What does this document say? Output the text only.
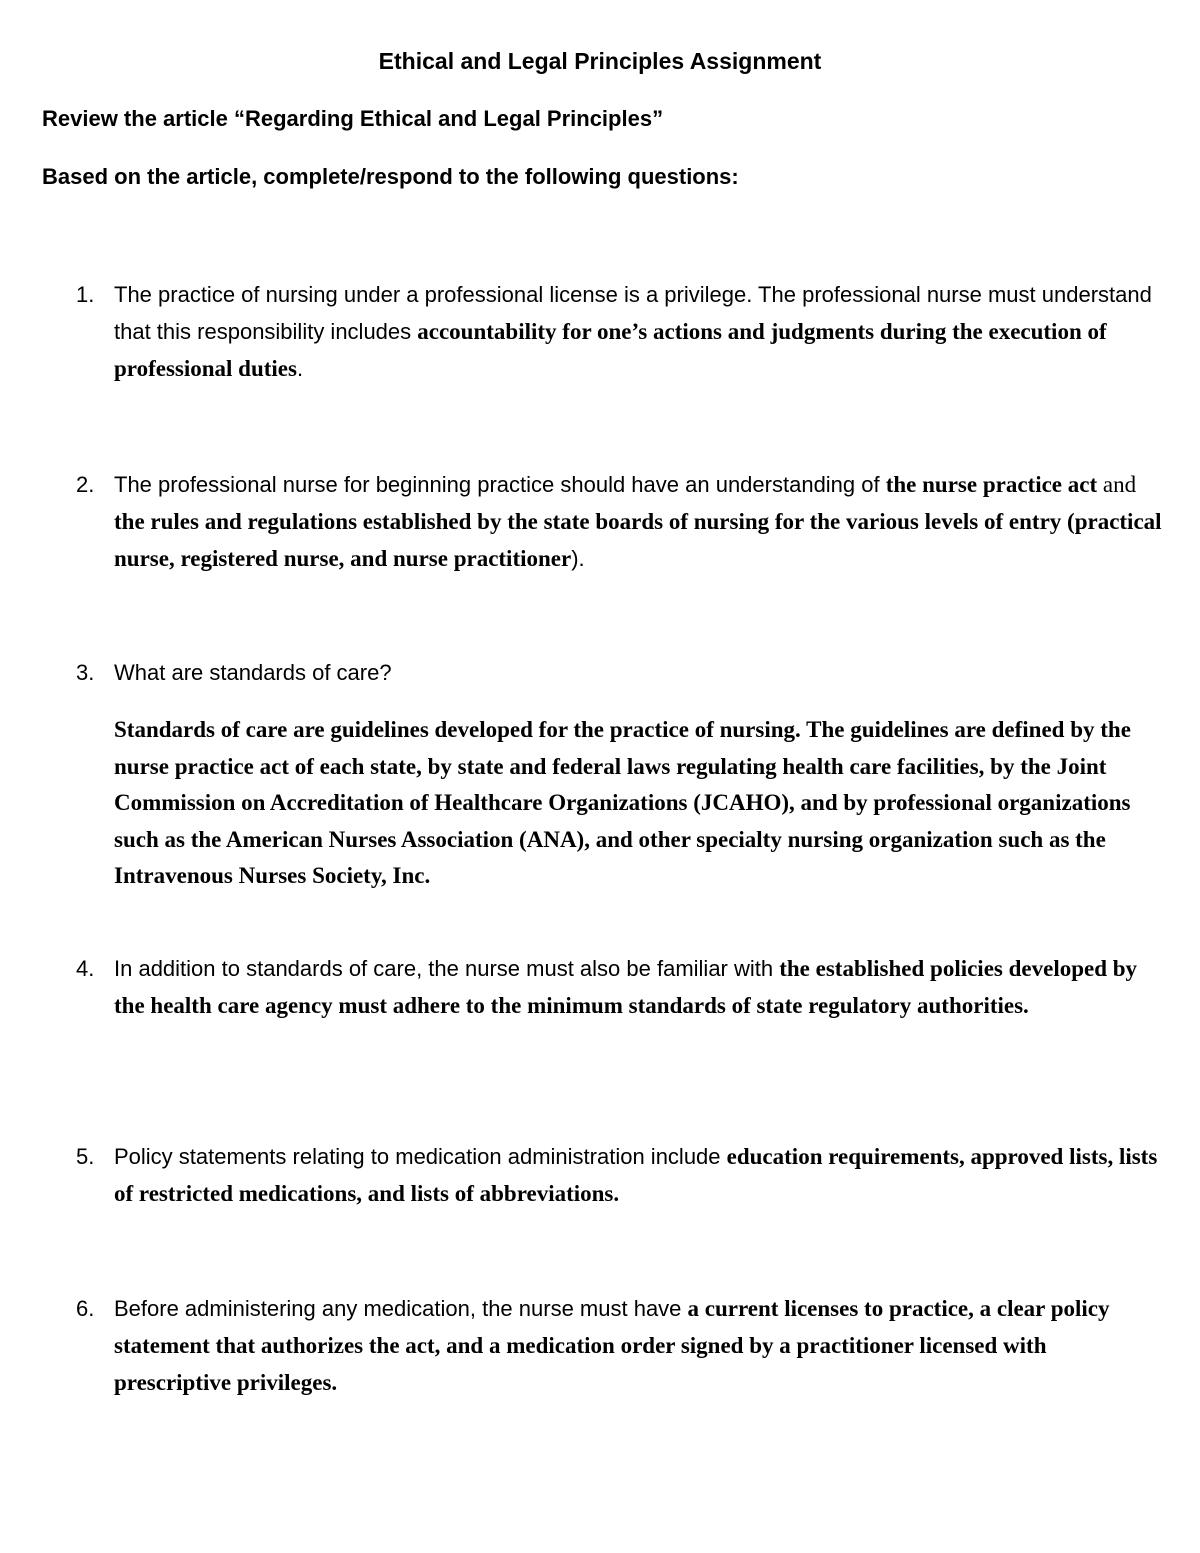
Ethical and Legal Principles Assignment
Review the article “Regarding Ethical and Legal Principles”
Based on the article, complete/respond to the following questions:
1. The practice of nursing under a professional license is a privilege. The professional nurse must understand that this responsibility includes accountability for one’s actions and judgments during the execution of professional duties.
2. The professional nurse for beginning practice should have an understanding of the nurse practice act and the rules and regulations established by the state boards of nursing for the various levels of entry (practical nurse, registered nurse, and nurse practitioner).
3. What are standards of care?
Standards of care are guidelines developed for the practice of nursing. The guidelines are defined by the nurse practice act of each state, by state and federal laws regulating health care facilities, by the Joint Commission on Accreditation of Healthcare Organizations (JCAHO), and by professional organizations such as the American Nurses Association (ANA), and other specialty nursing organization such as the Intravenous Nurses Society, Inc.
4. In addition to standards of care, the nurse must also be familiar with the established policies developed by the health care agency must adhere to the minimum standards of state regulatory authorities.
5. Policy statements relating to medication administration include education requirements, approved lists, lists of restricted medications, and lists of abbreviations.
6. Before administering any medication, the nurse must have a current licenses to practice, a clear policy statement that authorizes the act, and a medication order signed by a practitioner licensed with prescriptive privileges.
